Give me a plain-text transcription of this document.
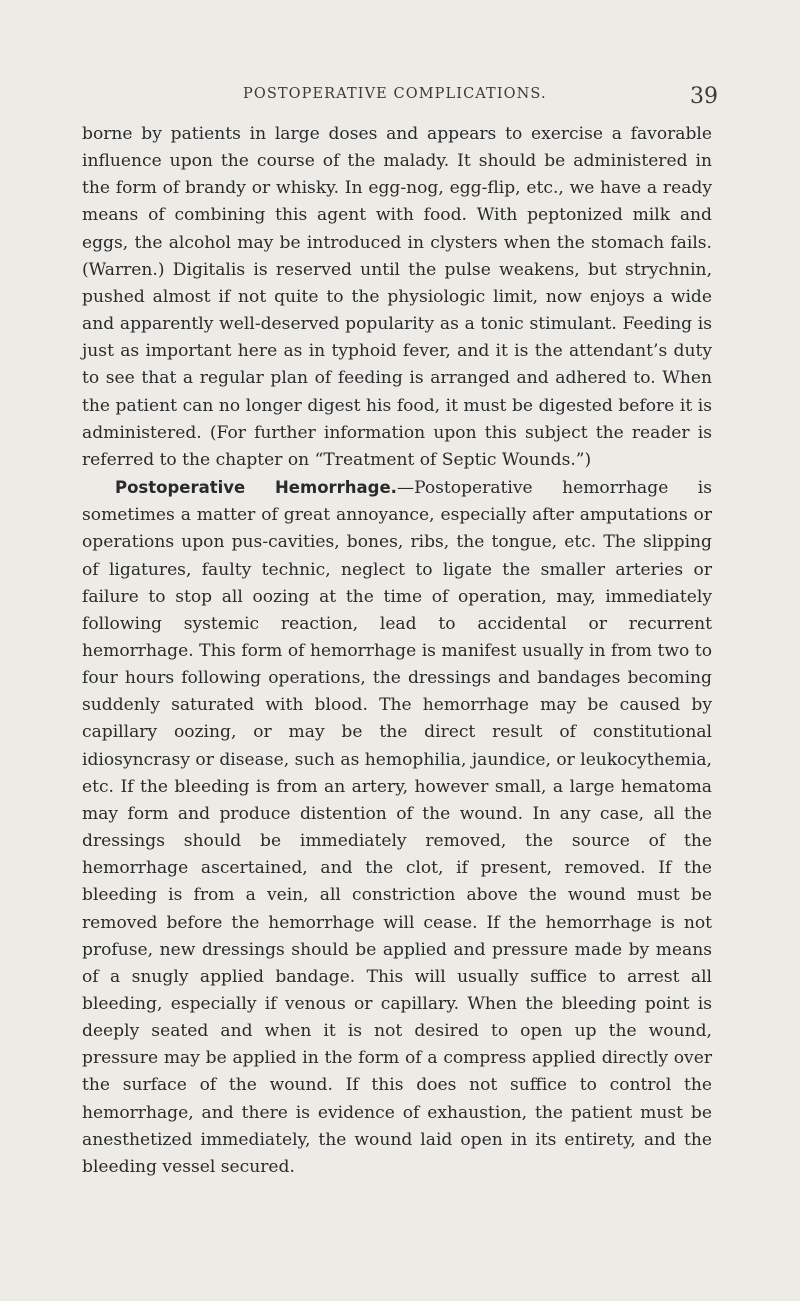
POSTOPERATIVE COMPLICATIONS.	39

borne by patients in large doses and appears to exercise a favorable influence upon the course of the malady. It should be administered in the form of brandy or whisky. In egg-nog, egg-flip, etc., we have a ready means of combining this agent with food. With peptonized milk and eggs, the alcohol may be introduced in clysters when the stomach fails. (Warren.) Digitalis is reserved until the pulse weakens, but strychnin, pushed almost if not quite to the physiologic limit, now enjoys a wide and apparently well-deserved popularity as a tonic stimulant. Feeding is just as important here as in typhoid fever, and it is the attendant’s duty to see that a regular plan of feeding is arranged and adhered to. When the patient can no longer digest his food, it must be digested before it is administered. (For further information upon this subject the reader is referred to the chapter on “Treatment of Septic Wounds.”)

Postoperative Hemorrhage.—Postoperative hemorrhage is sometimes a matter of great annoyance, especially after amputations or operations upon pus-cavities, bones, ribs, the tongue, etc. The slipping of ligatures, faulty technic, neglect to ligate the smaller arteries or failure to stop all oozing at the time of operation, may, immediately following systemic reaction, lead to accidental or recurrent hemorrhage. This form of hemorrhage is manifest usually in from two to four hours following operations, the dressings and bandages becoming suddenly saturated with blood. The hemorrhage may be caused by capillary oozing, or may be the direct result of constitutional idiosyncrasy or disease, such as hemophilia, jaundice, or leukocythemia, etc. If the bleeding is from an artery, however small, a large hematoma may form and produce distention of the wound. In any case, all the dressings should be immediately removed, the source of the hemorrhage ascertained, and the clot, if present, removed. If the bleeding is from a vein, all constriction above the wound must be removed before the hemorrhage will cease. If the hemorrhage is not profuse, new dressings should be applied and pressure made by means of a snugly applied bandage. This will usually suffice to arrest all bleeding, especially if venous or capillary. When the bleeding point is deeply seated and when it is not desired to open up the wound, pressure may be applied in the form of a compress applied directly over the surface of the wound. If this does not suffice to control the hemorrhage, and there is evidence of exhaustion, the patient must be anesthetized immediately, the wound laid open in its entirety, and the bleeding vessel secured.
